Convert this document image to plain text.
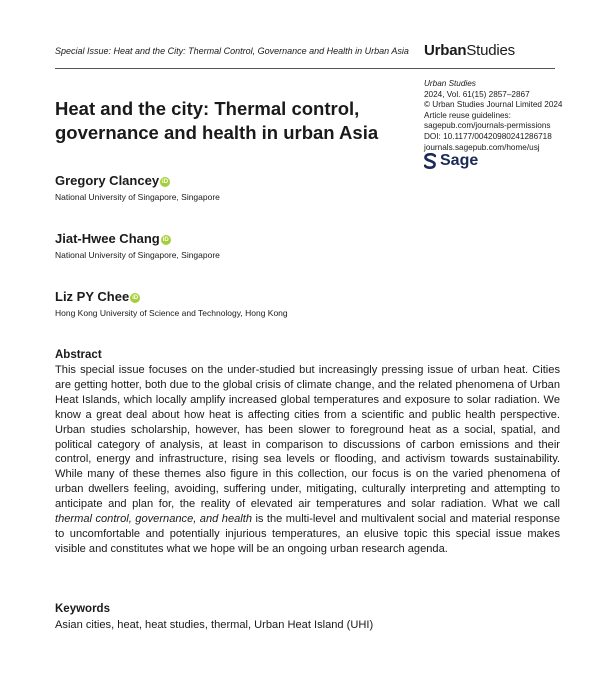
Special Issue: Heat and the City: Thermal Control, Governance and Health in Urban Asia UrbanStudies
Urban Studies
2024, Vol. 61(15) 2857–2867
© Urban Studies Journal Limited 2024
Article reuse guidelines:
sagepub.com/journals-permissions
DOI: 10.1177/00420980241286718
journals.sagepub.com/home/usj
Sage
Heat and the city: Thermal control, governance and health in urban Asia
Gregory Clancey iD
National University of Singapore, Singapore
Jiat-Hwee Chang iD
National University of Singapore, Singapore
Liz PY Chee iD
Hong Kong University of Science and Technology, Hong Kong
Abstract
This special issue focuses on the under-studied but increasingly pressing issue of urban heat. Cities are getting hotter, both due to the global crisis of climate change, and the related phenomena of Urban Heat Islands, which locally amplify increased global temperatures and exposure to solar radiation. We know a great deal about how heat is affecting cities from a scientific and public health perspective. Urban studies scholarship, however, has been slower to foreground heat as a social, spatial, and political category of analysis, at least in comparison to discussions of carbon emissions and their control, energy and infrastructure, rising sea levels or flooding, and activism towards sustainability. While many of these themes also figure in this collection, our focus is on the varied phenomena of urban dwellers feeling, avoiding, suffering under, mitigating, culturally interpreting and attempting to anticipate and plan for, the reality of elevated air temperatures and solar radiation. What we call thermal control, governance, and health is the multi-level and multivalent social and material response to uncomfortable and potentially injurious temperatures, an elusive topic this special issue makes visible and constitutes what we hope will be an ongoing urban research agenda.
Keywords
Asian cities, heat, heat studies, thermal, Urban Heat Island (UHI)
